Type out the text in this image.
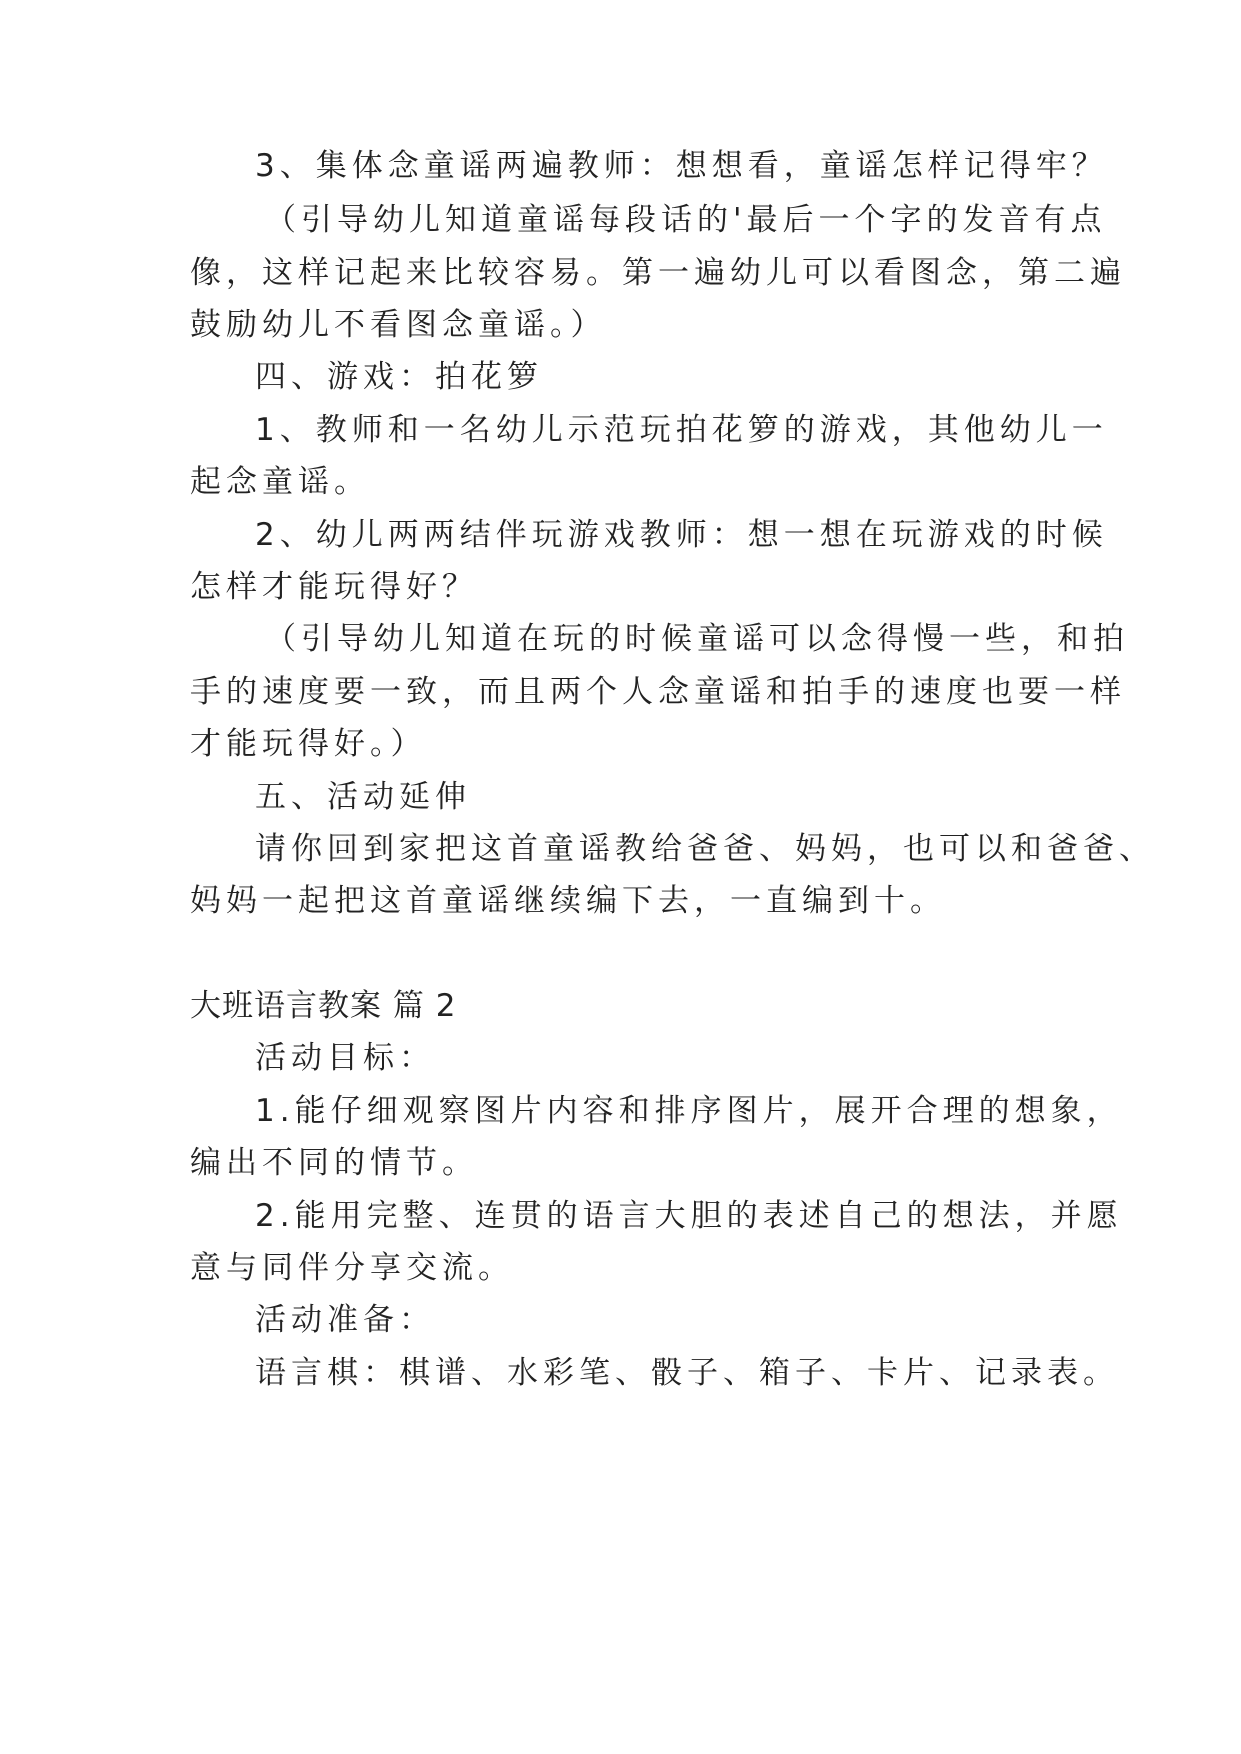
3、集体念童谣两遍教师：想想看，童谣怎样记得牢？
（引导幼儿知道童谣每段话的'最后一个字的发音有点
像，这样记起来比较容易。第一遍幼儿可以看图念，第二遍
鼓励幼儿不看图念童谣。）
四、游戏：拍花箩
1、教师和一名幼儿示范玩拍花箩的游戏，其他幼儿一
起念童谣。
2、幼儿两两结伴玩游戏教师：想一想在玩游戏的时候
怎样才能玩得好？
（引导幼儿知道在玩的时候童谣可以念得慢一些，和拍
手的速度要一致，而且两个人念童谣和拍手的速度也要一样
才能玩得好。）
五、活动延伸
请你回到家把这首童谣教给爸爸、妈妈，也可以和爸爸、
妈妈一起把这首童谣继续编下去，一直编到十。
大班语言教案 篇 2
活动目标：
1.能仔细观察图片内容和排序图片，展开合理的想象，
编出不同的情节。
2.能用完整、连贯的语言大胆的表述自己的想法，并愿
意与同伴分享交流。
活动准备：
语言棋：棋谱、水彩笔、骰子、箱子、卡片、记录表。
